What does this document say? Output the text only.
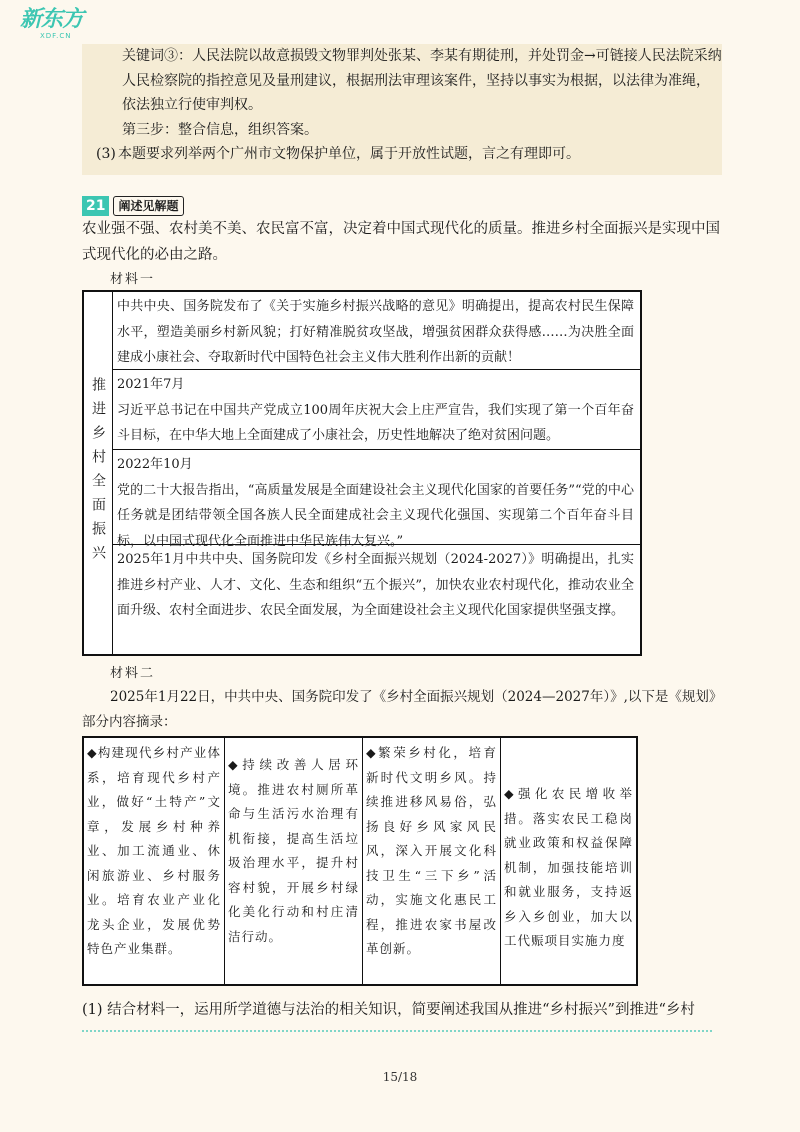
新东方
XDF.CN

关键词③：人民法院以故意损毁文物罪判处张某、李某有期徒刑，并处罚金→可链接人民法院采纳人民检察院的指控意见及量刑建议，根据刑法审理该案件，坚持以事实为根据，以法律为准绳，依法独立行使审判权。

第三步：整合信息，组织答案。

(3) 本题要求列举两个广州市文物保护单位，属于开放性试题，言之有理即可。

21	阐述见解题
农业强不强、农村美不美、农民富不富，决定着中国式现代化的质量。推进乡村全面振兴是实现中国式现代化的必由之路。
材料一
推进乡村全面振兴
中共中央、国务院发布了《关于实施乡村振兴战略的意见》明确提出，提高农村民生保障水平，塑造美丽乡村新风貌；打好精准脱贫攻坚战，增强贫困群众获得感……为决胜全面建成小康社会、夺取新时代中国特色社会主义伟大胜利作出新的贡献！
2021年7月
习近平总书记在中国共产党成立100周年庆祝大会上庄严宣告，我们实现了第一个百年奋斗目标，在中华大地上全面建成了小康社会，历史性地解决了绝对贫困问题。
2022年10月
党的二十大报告指出，“高质量发展是全面建设社会主义现代化国家的首要任务”“党的中心任务就是团结带领全国各族人民全面建成社会主义现代化强国、实现第二个百年奋斗目标，以中国式现代化全面推进中华民族伟大复兴。”
2025年1月中共中央、国务院印发《乡村全面振兴规划（2024-2027）》明确提出，扎实推进乡村产业、人才、文化、生态和组织“五个振兴”，加快农业农村现代化，推动农业全面升级、农村全面进步、农民全面发展，为全面建设社会主义现代化国家提供坚强支撑。
材料二
2025年1月22日，中共中央、国务院印发了《乡村全面振兴规划（2024—2027年）》,以下是《规划》部分内容摘录：
◆构建现代乡村产业体系，培育现代乡村产业，做好“土特产”文章，发展乡村种养业、加工流通业、休闲旅游业、乡村服务业。培育农业产业化龙头企业，发展优势特色产业集群。
◆持续改善人居环境。推进农村厕所革命与生活污水治理有机衔接，提高生活垃圾治理水平，提升村容村貌，开展乡村绿化美化行动和村庄清洁行动。
◆繁荣乡村化，培育新时代文明乡风。持续推进移风易俗，弘扬良好乡风家风民风，深入开展文化科技卫生“三下乡”活动，实施文化惠民工程，推进农家书屋改革创新。
◆强化农民增收举措。落实农民工稳岗就业政策和权益保障机制，加强技能培训和就业服务，支持返乡入乡创业，加大以工代赈项目实施力度
(1) 结合材料一，运用所学道德与法治的相关知识，简要阐述我国从推进“乡村振兴”到推进“乡村
15/18
